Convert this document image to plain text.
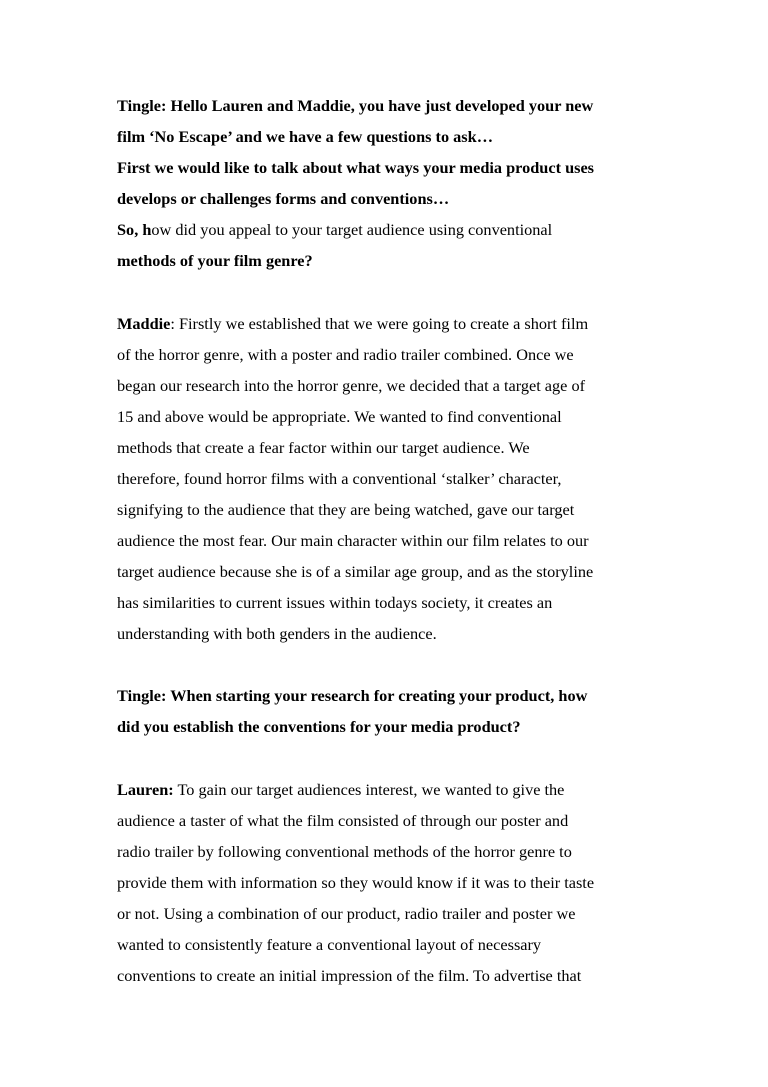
Tingle: Hello Lauren and Maddie, you have just developed your new
film ‘No Escape’ and we have a few questions to ask…
First we would like to talk about what ways your media product uses
develops or challenges forms and conventions…
So, how did you appeal to your target audience using conventional
methods of your film genre?
Maddie: Firstly we established that we were going to create a short film
of the horror genre, with a poster and radio trailer combined. Once we
began our research into the horror genre, we decided that a target age of
15 and above would be appropriate. We wanted to find conventional
methods that create a fear factor within our target audience. We
therefore, found horror films with a conventional ‘stalker’ character,
signifying to the audience that they are being watched, gave our target
audience the most fear. Our main character within our film relates to our
target audience because she is of a similar age group, and as the storyline
has similarities to current issues within todays society, it creates an
understanding with both genders in the audience.
Tingle: When starting your research for creating your product, how
did you establish the conventions for your media product?
Lauren: To gain our target audiences interest, we wanted to give the
audience a taster of what the film consisted of through our poster and
radio trailer by following conventional methods of the horror genre to
provide them with information so they would know if it was to their taste
or not. Using a combination of our product, radio trailer and poster we
wanted to consistently feature a conventional layout of necessary
conventions to create an initial impression of the film. To advertise that
